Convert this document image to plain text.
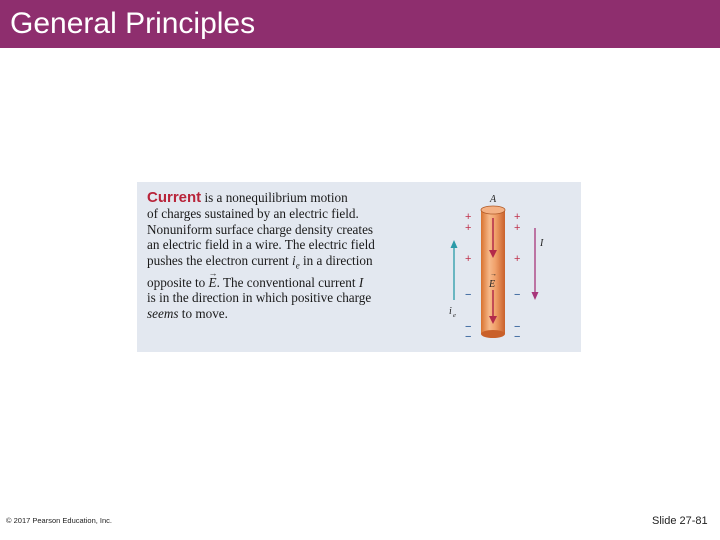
General Principles
Current is a nonequilibrium motion
of charges sustained by an electric field.
Nonuniform surface charge density creates
an electric field in a wire. The electric field
pushes the electron current $i_e$ in a direction
opposite to
→
E. The conventional current I
is in the direction in which positive charge
seems to move.
A
E
→
+
+
+
−
−
−
+
+
+
−
−
−
i e
I
© 2017 Pearson Education, Inc.	Slide 27-81
